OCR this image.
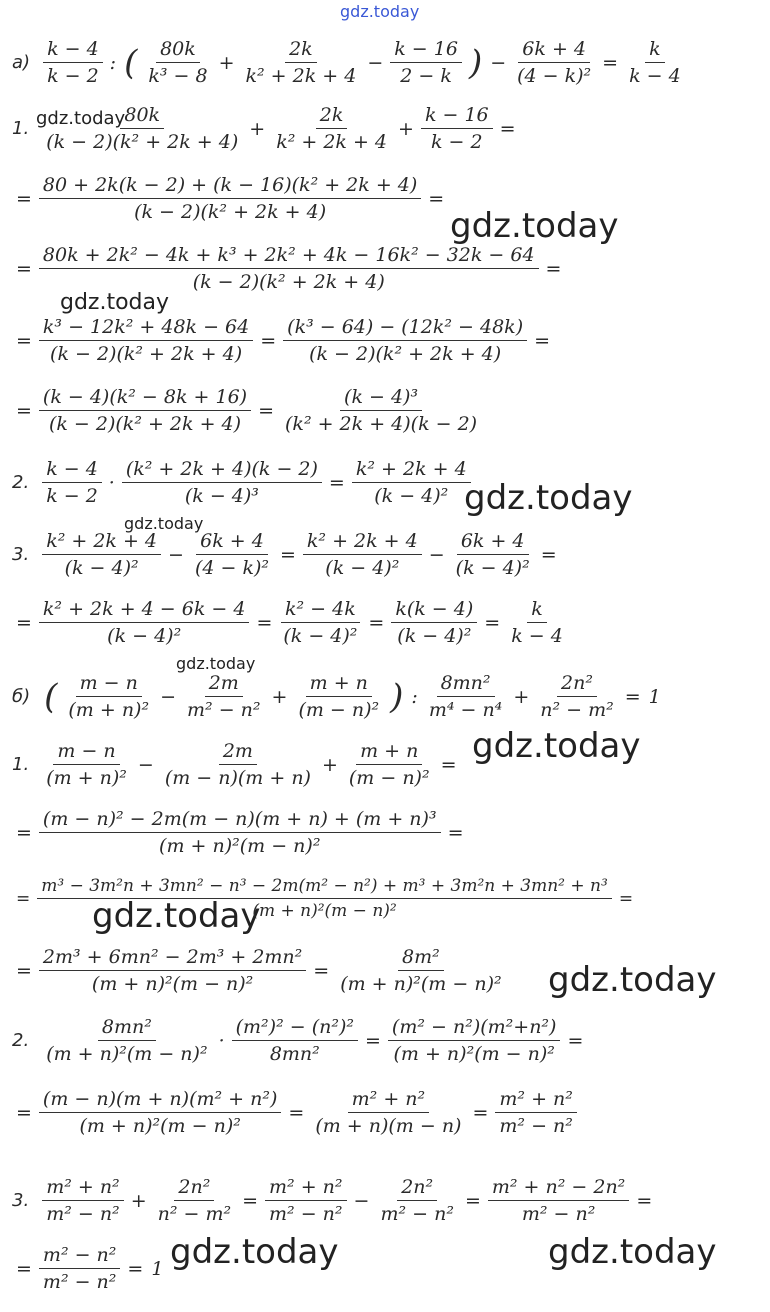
gdz.today
gdz.today
gdz.today
gdz.today
gdz.today
gdz.today
gdz.today
gdz.today
gdz.today
gdz.today
gdz.today	gdz.today
$а) \frac{k - 4}{k - 2}$ : ( $\frac{80k}{\text{k³ − 8}} + \frac{2k}{\text{k² + 2k + 4}} - \frac{k - 16}{2 - k}$ ) − $\frac{6k + 4}{\text{(4 − k)²}} = \frac{k}{k - 4}$
1. $\frac{80k}{\text{(k − 2)(k² + 2k + 4)}} + \frac{2k}{\text{k² + 2k + 4}} + \frac{k - 16}{k - 2}$ =
= $\frac{\text{80 + 2k(k − 2) + (k − 16)(k² + 2k + 4)}}{\text{(k − 2)(k² + 2k + 4)}}$ =
= $\frac{\text{80k + 2k² − 4k + k³ + 2k² + 4k − 16k² − 32k − 64}}{\text{(k − 2)(k² + 2k + 4)}}$ =
= $\frac{\text{k³ − 12k² + 48k − 64}}{\text{(k − 2)(k² + 2k + 4)}} = \frac{\text{(k³ − 64) − (12k² − 48k)}}{\text{(k − 2)(k² + 2k + 4)}}$ =
= $\frac{\text{(k − 4)(k² − 8k + 16)}}{\text{(k − 2)(k² + 2k + 4)}} = \frac{\text{(k − 4)³}}{\text{(k² + 2k + 4)(k − 2)}}$
2. $\frac{k - 4}{k - 2} \cdot \frac{\text{(k² + 2k + 4)(k − 2)}}{\text{(k − 4)³}} = \frac{\text{k² + 2k + 4}}{\text{(k − 4)²}}$
3. $\frac{\text{k² + 2k + 4}}{\text{(k − 4)²}} - \frac{6k + 4}{\text{(4 − k)²}} = \frac{\text{k² + 2k + 4}}{\text{(k − 4)²}} - \frac{6k + 4}{\text{(k − 4)²}}$ =
= $\frac{\text{k² + 2k + 4 − 6k − 4}}{\text{(k − 4)²}} = \frac{\text{k² − 4k}}{\text{(k − 4)²}} = \frac{k(k - 4)}{\text{(k − 4)²}} = \frac{k}{k - 4}$
б) ( $\frac{m - n}{\text{(m + n)²}} - \frac{2m}{\text{m² − n²}} + \frac{m + n}{\text{(m − n)²}}$ ) : $\frac{\text{8mn²}}{\text{m⁴ − n⁴}} + \frac{\text{2n²}}{\text{n² − m²}} = 1$
1. $\frac{m - n}{\text{(m + n)²}} - \frac{2m}{(m - n)(m + n)} + \frac{m + n}{\text{(m − n)²}}$ =
= $\frac{\text{(m − n)² − 2m(m − n)(m + n) + (m + n)³}}{\text{(m + n)²(m − n)²}}$ =
= $\frac{\text{m³ − 3m²n + 3mn² − n³ − 2m(m² − n²) + m³ + 3m²n + 3mn² + n³}}{\text{(m + n)²(m − n)²}}$ =
= $\frac{\text{2m³ + 6mn² − 2m³ + 2mn²}}{\text{(m + n)²(m − n)²}} = \frac{\text{8m²}}{\text{(m + n)²(m − n)²}}$
2. $\frac{\text{8mn²}}{\text{(m + n)²(m − n)²}} \cdot \frac{\text{(m²)² − (n²)²}}{\text{8mn²}} = \frac{\text{(m² − n²)(m²+n²)}}{\text{(m + n)²(m − n)²}}$ =
= $\frac{\text{(m − n)(m + n)(m² + n²)}}{\text{(m + n)²(m − n)²}} = \frac{\text{m² + n²}}{(m + n)(m - n)} = \frac{\text{m² + n²}}{\text{m² − n²}}$
3. $\frac{\text{m² + n²}}{\text{m² − n²}} + \frac{\text{2n²}}{\text{n² − m²}} = \frac{\text{m² + n²}}{\text{m² − n²}} - \frac{\text{2n²}}{\text{m² − n²}} = \frac{\text{m² + n² − 2n²}}{\text{m² − n²}}$ =
= $\frac{\text{m² − n²}}{\text{m² − n²}} = 1$
